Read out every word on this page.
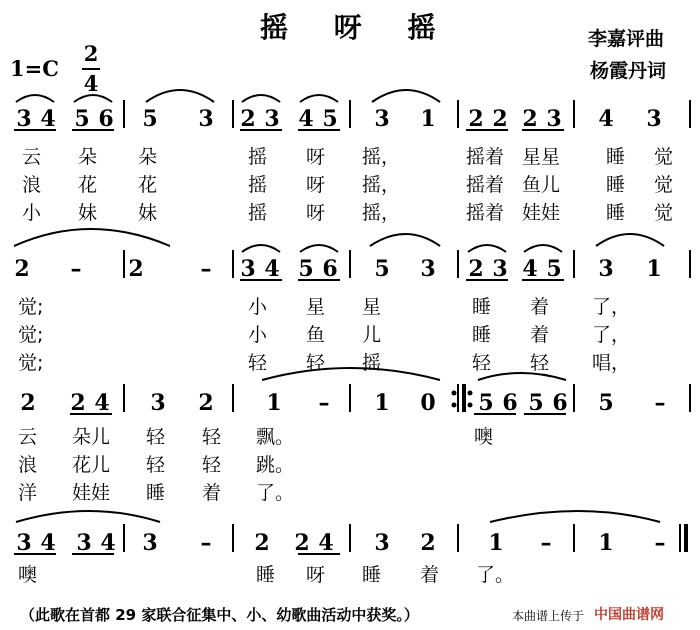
摇 呀 摇	李嘉评曲
杨霞丹词
1=C
2
4
3 4 5 6 5 3 2 3 4 5 3 1 2 2 2 3 4 3
2 – 2	– 3 4 5 6 5 3 2 3 4 5 3 1
2 2 4 3 2 1 – 1 0 5 6 5 6 5 –
3 4 3 4 3 – 2 2 4 3 2 1 – 1 –
云 朵 朵	摇 呀 摇，	摇着 星星 睡 觉
浪 花 花	摇 呀 摇，	摇着 鱼儿 睡 觉
小 妹 妹	摇 呀 摇，	摇着 娃娃 睡 觉
觉;	小 星 星	睡 着 了，
觉;	小 鱼 儿	睡 着 了，
觉;	轻 轻 摇	轻 轻 唱，
云 朵儿 轻 轻 飘。	噢
浪 花儿 轻 轻 跳。
洋 娃娃 睡 着 了。
噢	睡 呀 睡 着 了。
（此歌在首都 29 家联合征集中、小、幼歌曲活动中获奖。）	本曲谱上传于 中国曲谱网
